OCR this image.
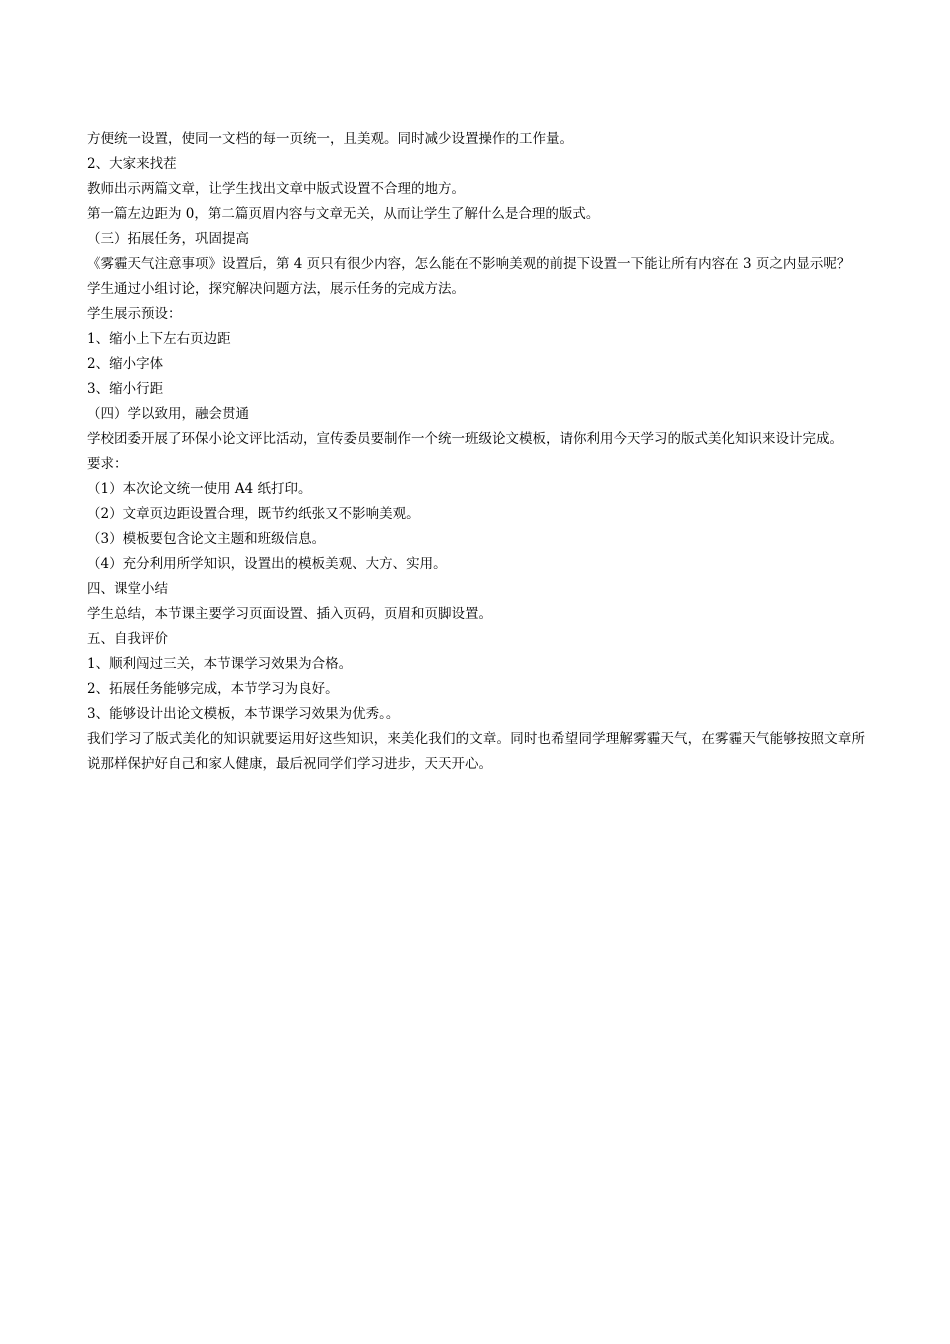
方便统一设置，使同一文档的每一页统一，且美观。同时减少设置操作的工作量。

2、大家来找茬

教师出示两篇文章，让学生找出文章中版式设置不合理的地方。

第一篇左边距为 0，第二篇页眉内容与文章无关，从而让学生了解什么是合理的版式。

（三）拓展任务，巩固提高

《雾霾天气注意事项》设置后，第 4 页只有很少内容，怎么能在不影响美观的前提下设置一下能让所有内容在 3 页之内显示呢？

学生通过小组讨论，探究解决问题方法，展示任务的完成方法。

学生展示预设：

1、缩小上下左右页边距

2、缩小字体

3、缩小行距

（四）学以致用，融会贯通

学校团委开展了环保小论文评比活动，宣传委员要制作一个统一班级论文模板，请你利用今天学习的版式美化知识来设计完成。

要求：

（1）本次论文统一使用 A4 纸打印。

（2）文章页边距设置合理，既节约纸张又不影响美观。

（3）模板要包含论文主题和班级信息。

（4）充分利用所学知识，设置出的模板美观、大方、实用。

四、课堂小结

学生总结，本节课主要学习页面设置、插入页码，页眉和页脚设置。

五、自我评价

1、顺利闯过三关，本节课学习效果为合格。

2、拓展任务能够完成，本节学习为良好。

3、能够设计出论文模板，本节课学习效果为优秀。。

我们学习了版式美化的知识就要运用好这些知识，来美化我们的文章。同时也希望同学理解雾霾天气，在雾霾天气能够按照文章所说那样保护好自己和家人健康，最后祝同学们学习进步，天天开心。
